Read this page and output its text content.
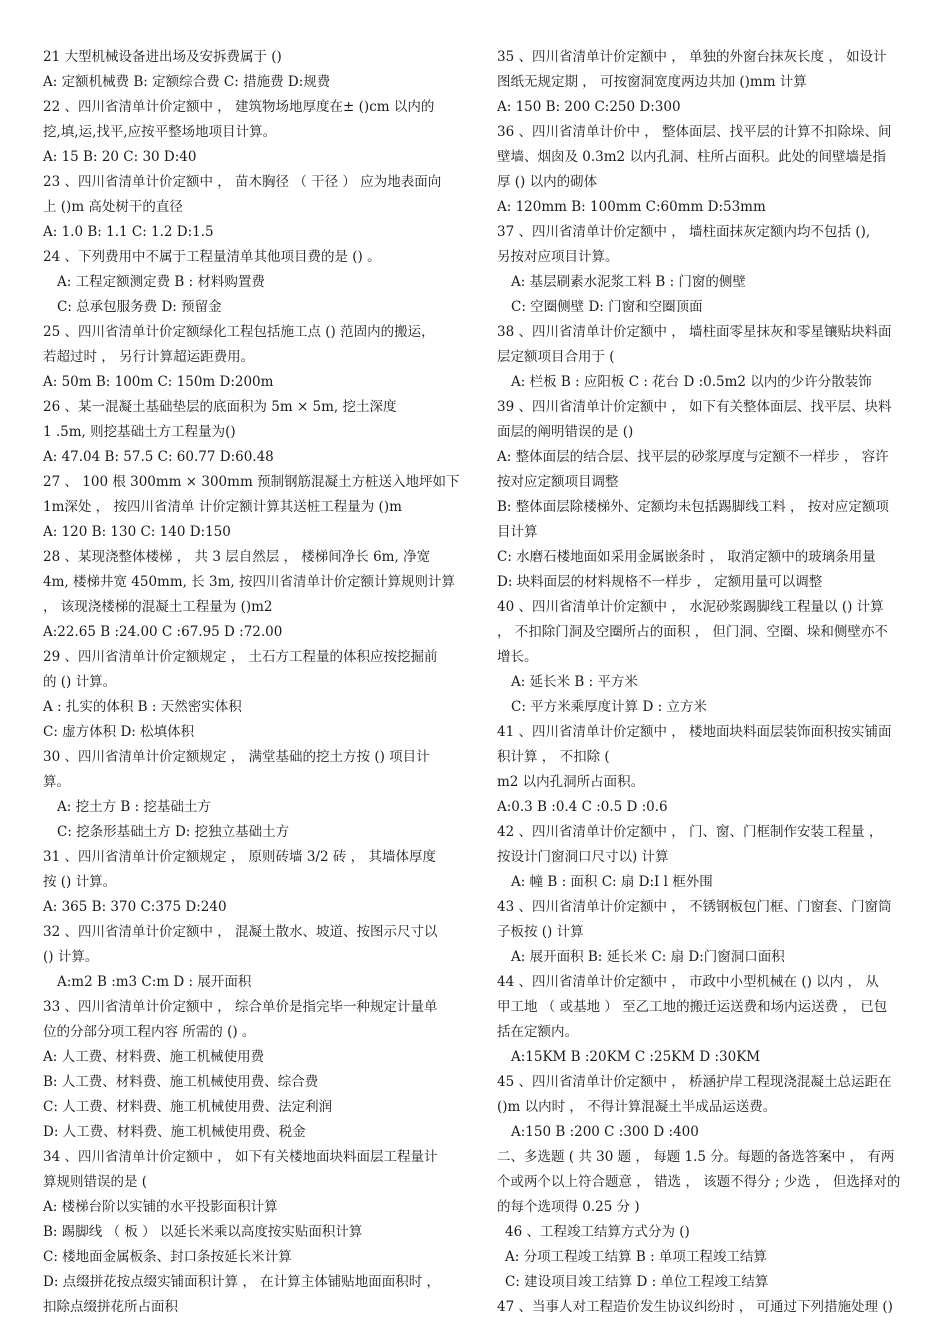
21 大型机械设备进出场及安拆费属于 ()
A: 定额机械费 B: 定额综合费 C: 措施费 D:规费
22 、四川省清单计价定额中 ， 建筑物场地厚度在± ()cm 以内的
挖,填,运,找平,应按平整场地项目计算。
A: 15 B: 20 C: 30 D:40
23 、四川省清单计价定额中 ， 苗木胸径 （ 干径 ） 应为地表面向
上 ()m 高处树干的直径
A: 1.0 B: 1.1 C: 1.2 D:1.5
24 、下列费用中不属于工程量清单其他项目费的是 () 。
A: 工程定额测定费 B : 材料购置费
C: 总承包服务费 D: 预留金
25 、四川省清单计价定额绿化工程包括施工点 () 范固内的搬运，
若超过时 ， 另行计算超运距费用。
A: 50m B: 100m C: 150m D:200m
26 、某一混凝土基础垫层的底面积为 5m × 5m, 挖土深度
1 .5m, 则挖基础土方工程量为()
A: 47.04 B: 57.5 C: 60.77 D:60.48
27 、 100 根 300mm × 300mm 预制钢筋混凝土方桩送入地坪如下
1m深处 ， 按四川省清单 计价定额计算其送桩工程量为 ()m
A: 120 B: 130 C: 140 D:150
28 、某现浇整体楼梯 ， 共 3 层自然层 ， 楼梯间净长 6m, 净宽
4m, 楼梯井宽 450mm, 长 3m, 按四川省清单计价定额计算规则计算
， 该现浇楼梯的混凝土工程量为 ()m2
A:22.65 B :24.00 C :67.95 D :72.00
29 、四川省清单计价定额规定 ， 土石方工程量的体积应按挖掘前
的 () 计算。
A : 扎实的体积 B : 天然密实体积
C: 虚方体积 D: 松填体积
30 、四川省清单计价定额规定 ， 满堂基础的挖土方按 () 项目计
算。
A: 挖土方 B : 挖基础土方
C: 挖条形基础土方 D: 挖独立基础土方
31 、四川省清单计价定额规定 ， 原则砖墙 3/2 砖 ， 其墙体厚度
按 () 计算。
A: 365 B: 370 C:375 D:240
32 、四川省清单计价定额中 ， 混凝土散水、坡道、按图示尺寸以
() 计算。
A:m2 B :m3 C:m D : 展开面积
33 、四川省清单计价定额中 ， 综合单价是指完毕一种规定计量单
位的分部分项工程内容 所需的 () 。
A: 人工费、材料费、施工机械使用费
B: 人工费、材料费、施工机械使用费、综合费
C: 人工费、材料费、施工机械使用费、法定利润
D: 人工费、材料费、施工机械使用费、税金
34 、四川省清单计价定额中 ， 如下有关楼地面块料面层工程量计
算规则错误的是 (
A: 楼梯台阶以实铺的水平投影面积计算
B: 踢脚线 （ 板 ） 以延长米乘以高度按实贴面积计算
C: 楼地面金属板条、封口条按延长米计算
D: 点缀拼花按点缀实铺面积计算 ， 在计算主体铺贴地面面积时 ，
扣除点缀拼花所占面积
35 、四川省清单计价定额中 ， 单独的外窗台抹灰长度 ， 如设计
图纸无规定期 ， 可按窗洞宽度两边共加 ()mm 计算
A: 150 B: 200 C:250 D:300
36 、四川省清单计价中 ， 整体面层、找平层的计算不扣除垛、间
壁墙、烟囱及 0.3m2 以内孔洞、柱所占面积。此处的间壁墙是指
厚 () 以内的砌体
A: 120mm B: 100mm C:60mm D:53mm
37 、四川省清单计价定额中 ， 墙柱面抹灰定额内均不包括 (),
另按对应项目计算。
A: 基层刷素水泥浆工料 B : 门窗的侧壁
C: 空圈侧壁 D: 门窗和空圈顶面
38 、四川省清单计价定额中 ， 墙柱面零星抹灰和零星镶贴块料面
层定额项目合用于 (
A: 栏板 B : 应阳板 C : 花台 D :0.5m2 以内的少许分散装饰
39 、四川省清单计价定额中 ， 如下有关整体面层、找平层、块料
面层的阐明错误的是 ()
A: 整体面层的结合层、找平层的砂浆厚度与定额不一样步 ， 容许
按对应定额项目调整
B: 整体面层除楼梯外、定额均未包括踢脚线工料 ， 按对应定额项
目计算
C: 水磨石楼地面如采用金属嵌条时 ， 取消定额中的玻璃条用量
D: 块料面层的材料规格不一样步 ， 定额用量可以调整
40 、四川省清单计价定额中 ， 水泥砂浆踢脚线工程量以 () 计算
， 不扣除门洞及空圈所占的面积 ， 但门洞、空圈、垛和侧壁亦不
增长。
A: 延长米 B : 平方米
C: 平方米乘厚度计算 D : 立方米
41 、四川省清单计价定额中 ， 楼地面块料面层装饰面积按实铺面
积计算 ， 不扣除 (
m2 以内孔洞所占面积。
A:0.3 B :0.4 C :0.5 D :0.6
42 、四川省清单计价定额中 ， 门、窗、门框制作安装工程量 ，
按设计门窗洞口尺寸以) 计算
A: 幢 B : 面积 C: 扇 D:I l 框外围
43 、四川省清单计价定额中 ， 不锈钢板包门框、门窗套、门窗筒
子板按 () 计算
A: 展开面积 B: 延长米 C: 扇 D:门窗洞口面积
44 、四川省清单计价定额中 ， 市政中小型机械在 () 以内 ， 从
甲工地 （ 或基地 ） 至乙工地的搬迁运送费和场内运送费 ， 已包
括在定额内。
A:15KM B :20KM C :25KM D :30KM
45 、四川省清单计价定额中 ， 桥涵护岸工程现浇混凝土总运距在
()m 以内时 ， 不得计算混凝土半成品运送费。
A:150 B :200 C :300 D :400
二、多选题 ( 共 30 题 ， 每题 1.5 分。每题的备选答案中 ， 有两
个或两个以上符合题意 ， 错选 ， 该题不得分 ; 少选 ， 但选择对的
的每个选项得 0.25 分 )
46 、工程竣工结算方式分为 ()
A: 分项工程竣工结算 B : 单项工程竣工结算
C: 建设项目竣工结算 D : 单位工程竣工结算
47 、当事人对工程造价发生协议纠纷时 ， 可通过下列措施处理 ()
